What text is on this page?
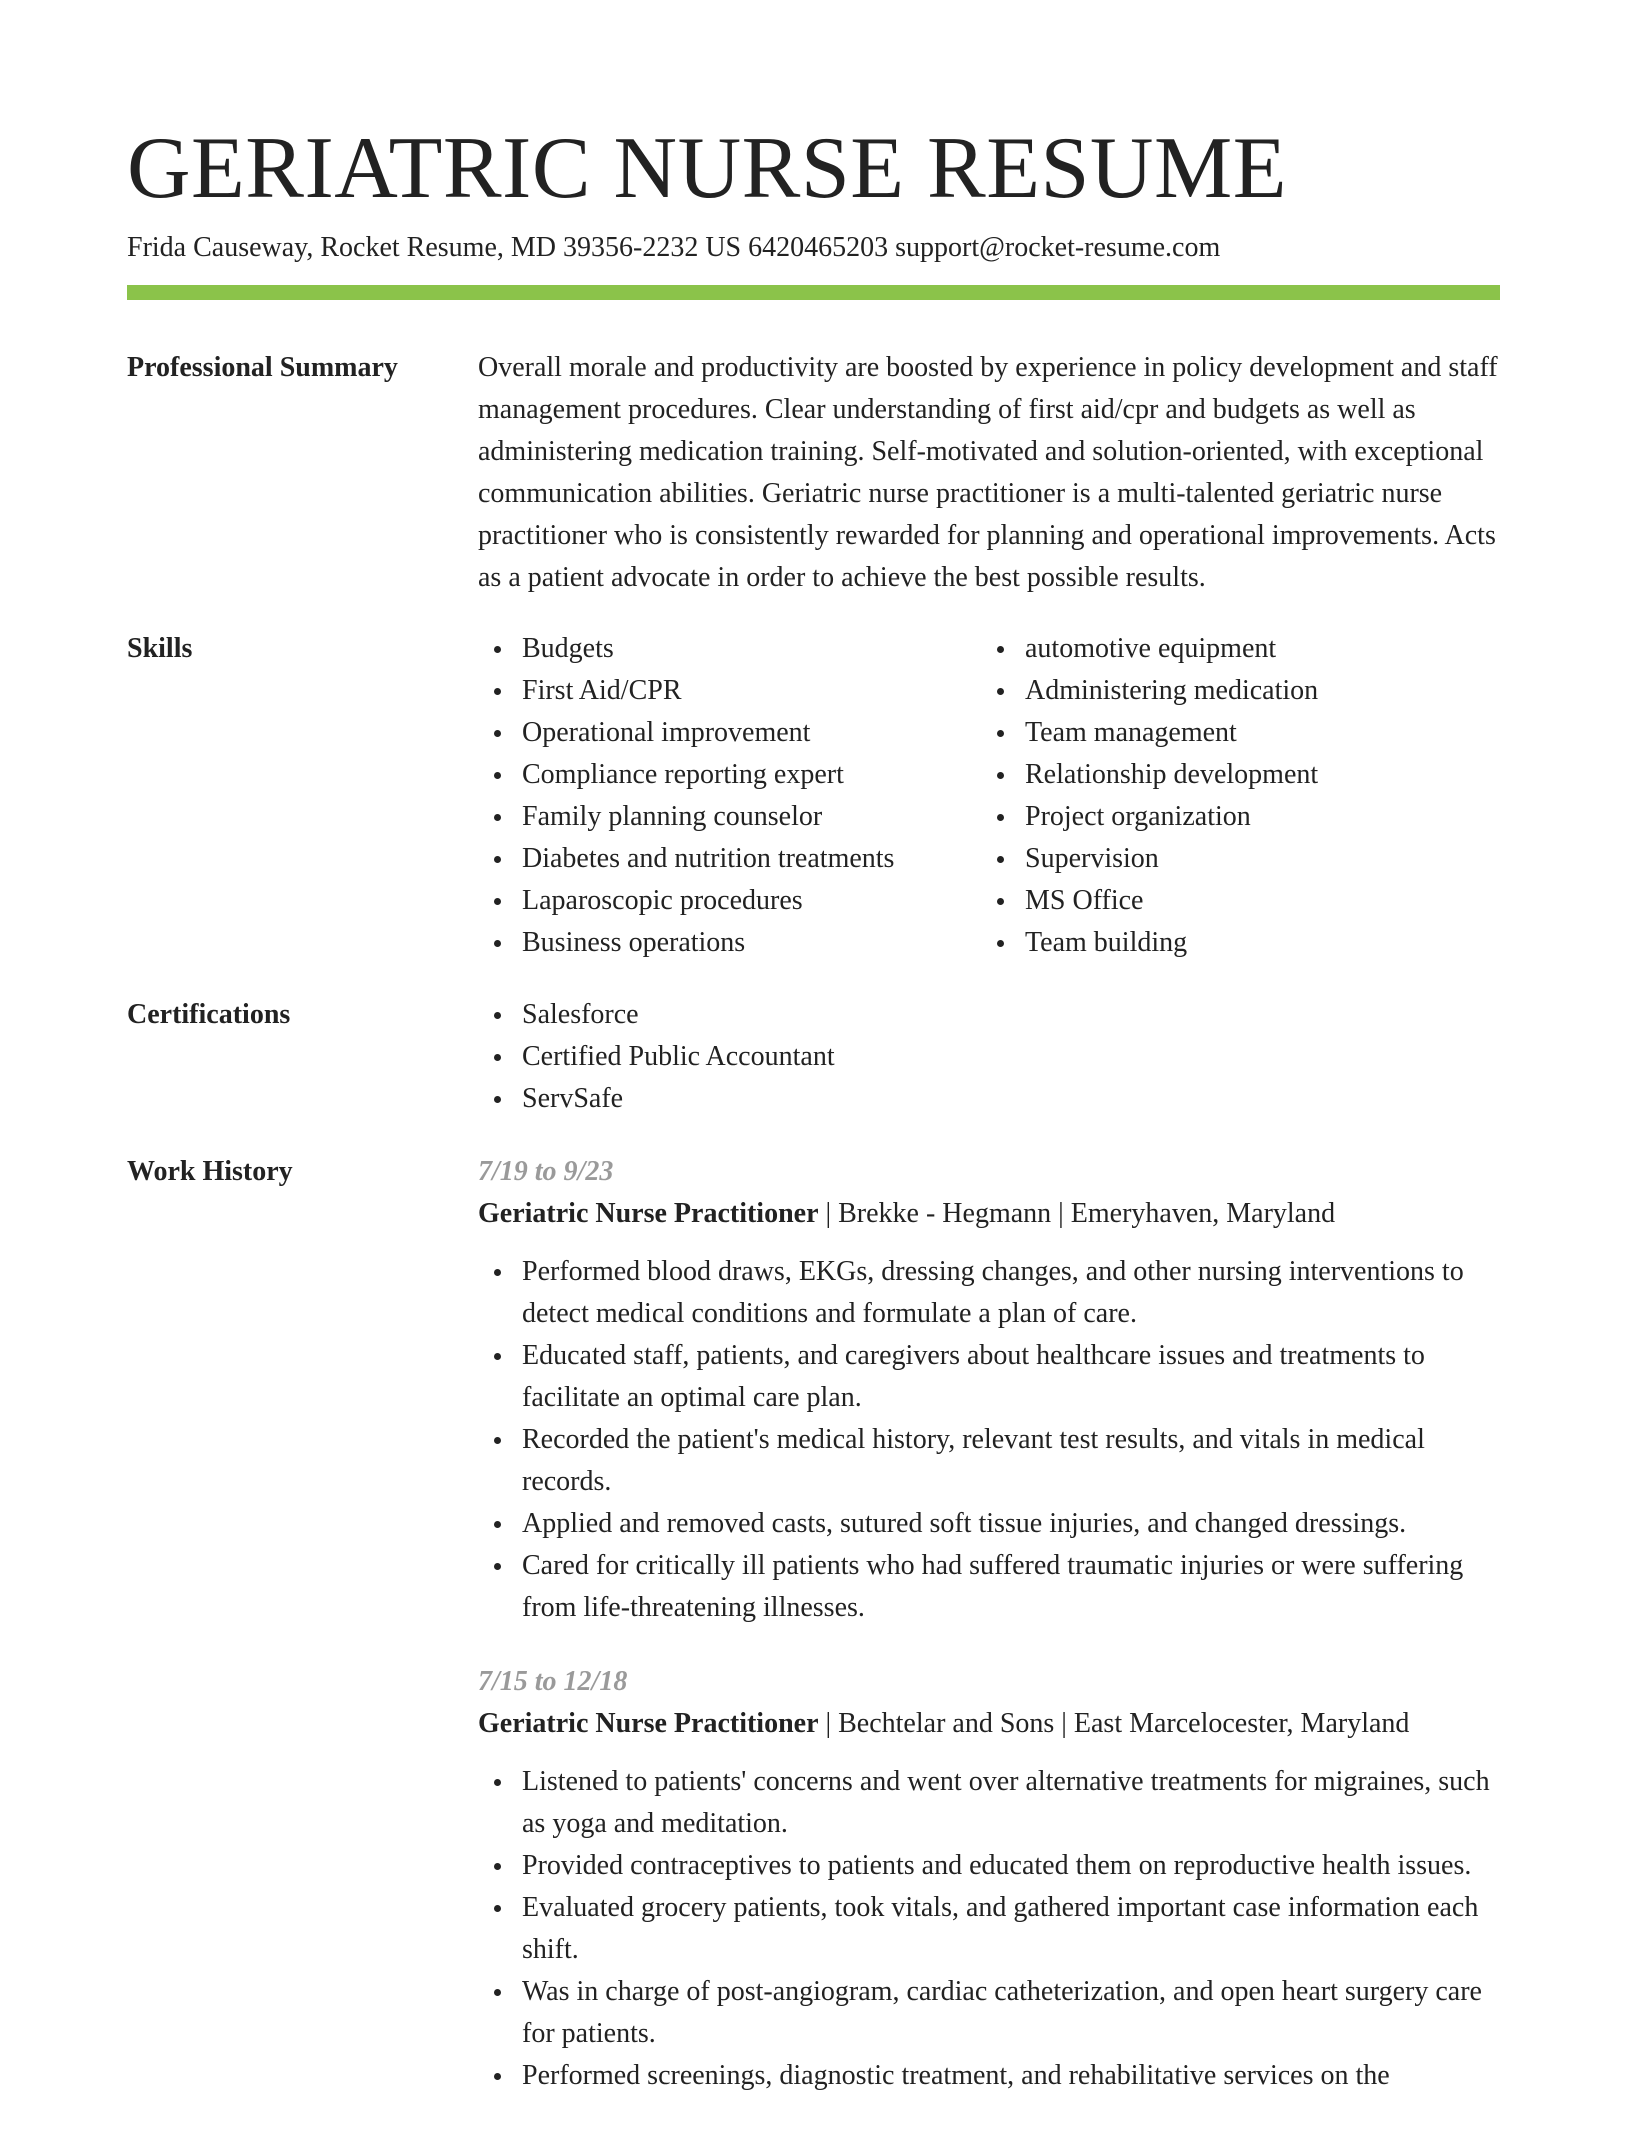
GERIATRIC NURSE RESUME
Frida Causeway, Rocket Resume, MD 39356-2232 US 6420465203 support@rocket-resume.com
Professional Summary	Overall morale and productivity are boosted by experience in policy development and staff management procedures. Clear understanding of first aid/cpr and budgets as well as administering medication training. Self-motivated and solution-oriented, with exceptional communication abilities. Geriatric nurse practitioner is a multi-talented geriatric nurse practitioner who is consistently rewarded for planning and operational improvements. Acts as a patient advocate in order to achieve the best possible results.

Skills	Budgets
First Aid/CPR
Operational improvement
Compliance reporting expert
Family planning counselor
Diabetes and nutrition treatments
Laparoscopic procedures
Business operations
automotive equipment
Administering medication
Team management
Relationship development
Project organization
Supervision
MS Office
Team building
Certifications	Salesforce
Certified Public Accountant
ServSafe
Work History	7/19 to 9/23
Geriatric Nurse Practitioner | Brekke - Hegmann | Emeryhaven, Maryland
Performed blood draws, EKGs, dressing changes, and other nursing interventions to detect medical conditions and formulate a plan of care.
Educated staff, patients, and caregivers about healthcare issues and treatments to facilitate an optimal care plan.
Recorded the patient's medical history, relevant test results, and vitals in medical records.
Applied and removed casts, sutured soft tissue injuries, and changed dressings.
Cared for critically ill patients who had suffered traumatic injuries or were suffering from life-threatening illnesses.
7/15 to 12/18
Geriatric Nurse Practitioner | Bechtelar and Sons | East Marcelocester, Maryland
Listened to patients' concerns and went over alternative treatments for migraines, such as yoga and meditation.
Provided contraceptives to patients and educated them on reproductive health issues.
Evaluated grocery patients, took vitals, and gathered important case information each shift.
Was in charge of post-angiogram, cardiac catheterization, and open heart surgery care for patients.
Performed screenings, diagnostic treatment, and rehabilitative services on the
